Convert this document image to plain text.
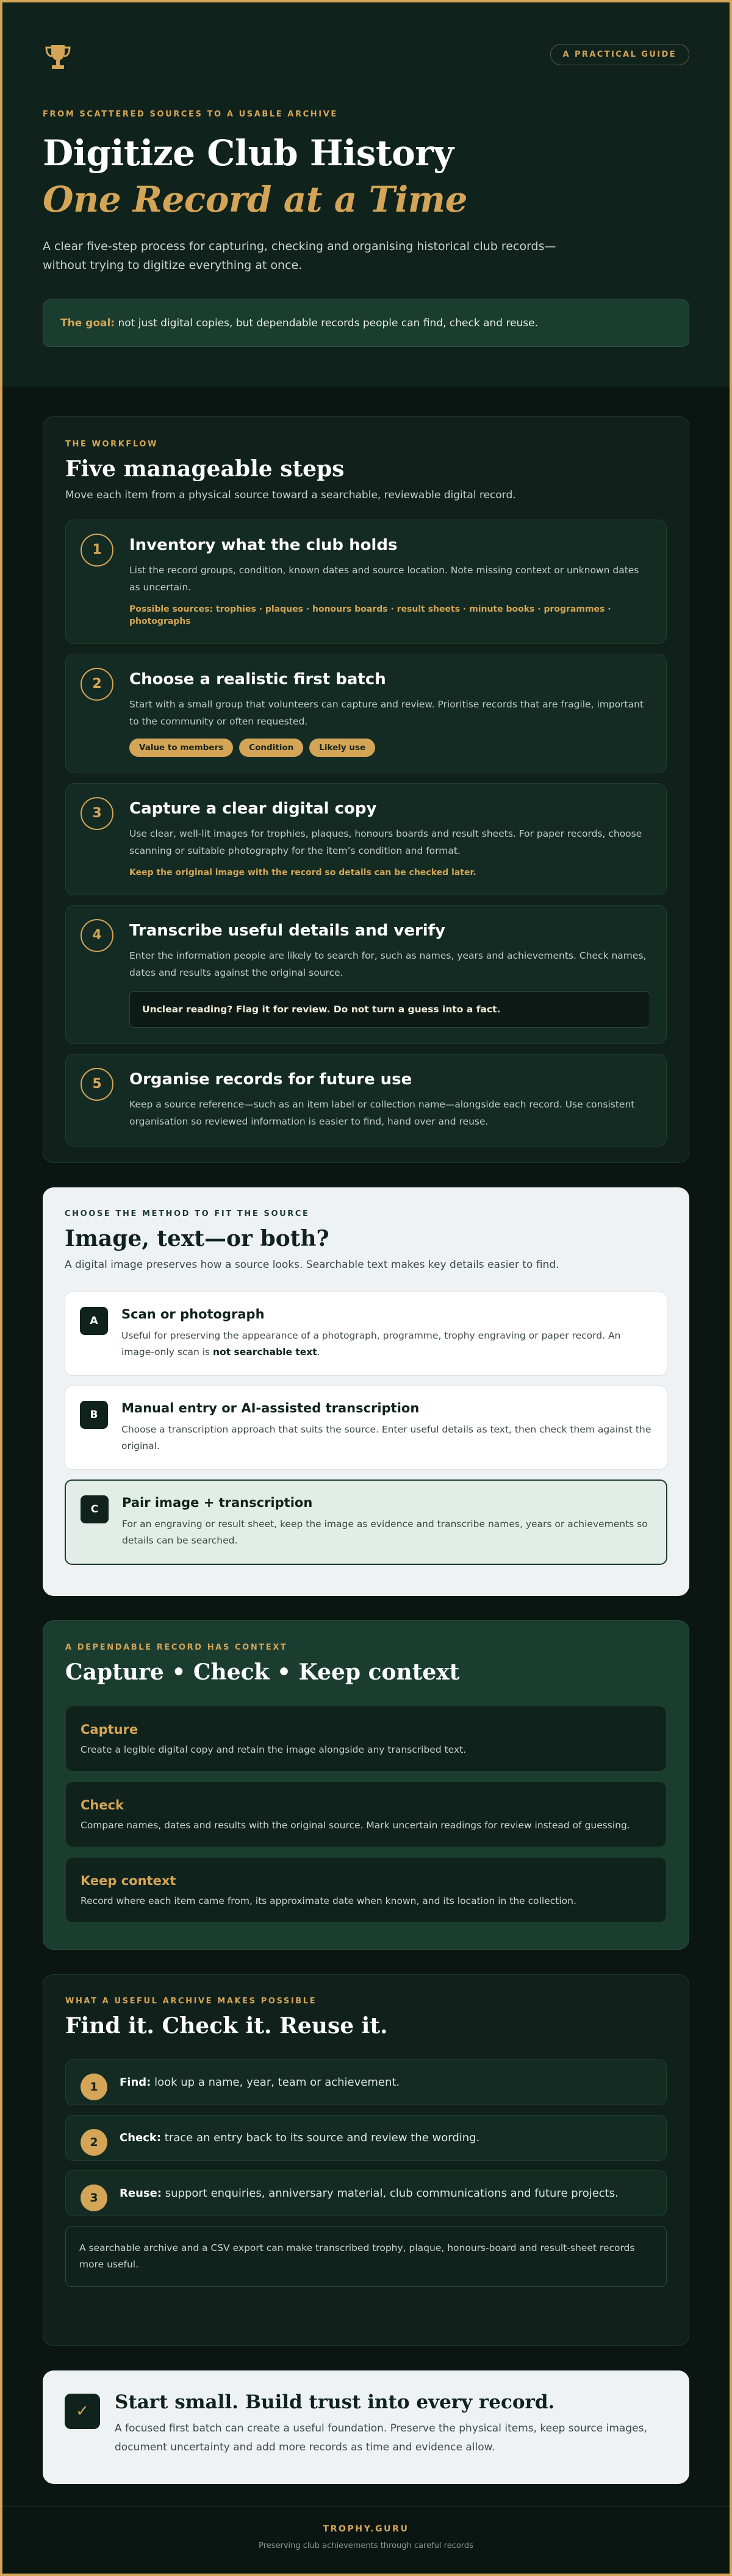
A PRACTICAL GUIDE
FROM SCATTERED SOURCES TO A USABLE ARCHIVE
Digitize Club History
One Record at a Time

A clear five-step process for capturing, checking and organising historical club records—without trying to digitize everything at once.

The goal: not just digital copies, but dependable records people can find, check and reuse.
THE WORKFLOW
Five manageable steps

Move each item from a physical source toward a searchable, reviewable digital record.

1	Inventory what the club holds

List the record groups, condition, known dates and source location. Note missing context or unknown dates as uncertain.

Possible sources: trophies · plaques · honours boards · result sheets · minute books · programmes · photographs

2	Choose a realistic first batch

Start with a small group that volunteers can capture and review. Prioritise records that are fragile, important to the community or often requested.

Value to members	Condition	Likely use
3	Capture a clear digital copy

Use clear, well-lit images for trophies, plaques, honours boards and result sheets. For paper records, choose scanning or suitable photography for the item’s condition and format.

Keep the original image with the record so details can be checked later.

4	Transcribe useful details and verify

Enter the information people are likely to search for, such as names, years and achievements. Check names, dates and results against the original source.

Unclear reading? Flag it for review. Do not turn a guess into a fact.
5	Organise records for future use

Keep a source reference—such as an item label or collection name—alongside each record. Use consistent organisation so reviewed information is easier to find, hand over and reuse.

CHOOSE THE METHOD TO FIT THE SOURCE
Image, text—or both?

A digital image preserves how a source looks. Searchable text makes key details easier to find.

A	Scan or photograph

Useful for preserving the appearance of a photograph, programme, trophy engraving or paper record. An image-only scan is not searchable text.

B	Manual entry or AI-assisted transcription

Choose a transcription approach that suits the source. Enter useful details as text, then check them against the original.

C	Pair image + transcription

For an engraving or result sheet, keep the image as evidence and transcribe names, years or achievements so details can be searched.

A DEPENDABLE RECORD HAS CONTEXT
Capture • Check • Keep context
Capture

Create a legible digital copy and retain the image alongside any transcribed text.

Check

Compare names, dates and results with the original source. Mark uncertain readings for review instead of guessing.

Keep context

Record where each item came from, its approximate date when known, and its location in the collection.

WHAT A USEFUL ARCHIVE MAKES POSSIBLE
Find it. Check it. Reuse it.
1	Find: look up a name, year, team or achievement.
2	Check: trace an entry back to its source and review the wording.
3	Reuse: support enquiries, anniversary material, club communications and future projects.
A searchable archive and a CSV export can make transcribed trophy, plaque, honours-board and result-sheet records more useful.
✓	Start small. Build trust into every record.

A focused first batch can create a useful foundation. Preserve the physical items, keep source images, document uncertainty and add more records as time and evidence allow.

TROPHY.GURU
Preserving club achievements through careful records
